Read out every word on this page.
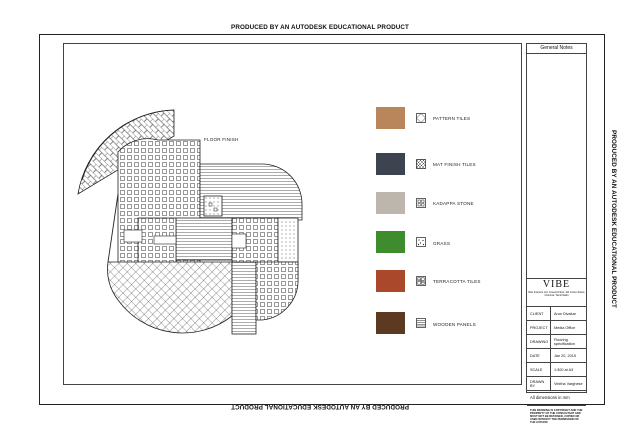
PRODUCED BY AN AUTODESK EDUCATIONAL PRODUCT
PRODUCED BY AN AUTODESK EDUCATIONAL PRODUCT
PRODUCED BY AN AUTODESK EDUCATIONAL PRODUCT
FLOOR FINISH
PATTERN TILES
MAT FINISH TILES
KADAPPA STONE
GRASS
TERRACOTTA TILES
WOODEN PANELS
General Notes
VIBE
Vibe Interiors Ltd. Ground Floor, 4th Cross Street, Chennai, Tamil Nadu
CLIENT	Arun Divakar
PROJECT	Media Office
DRAWING	Flooring specification
DATE	Jan 20, 2015
SCALE	1:300 at A3
DRAWN BY	Vinitha Varghese
All dimensions in mm
THIS DRAWING IS COPYRIGHT AND THE PROPERTY OF THE CONSULTANT AND MUST NOT BE RETAINED, COPIED OR USED WITHOUT THE PERMISSION OF THE AUTHOR
